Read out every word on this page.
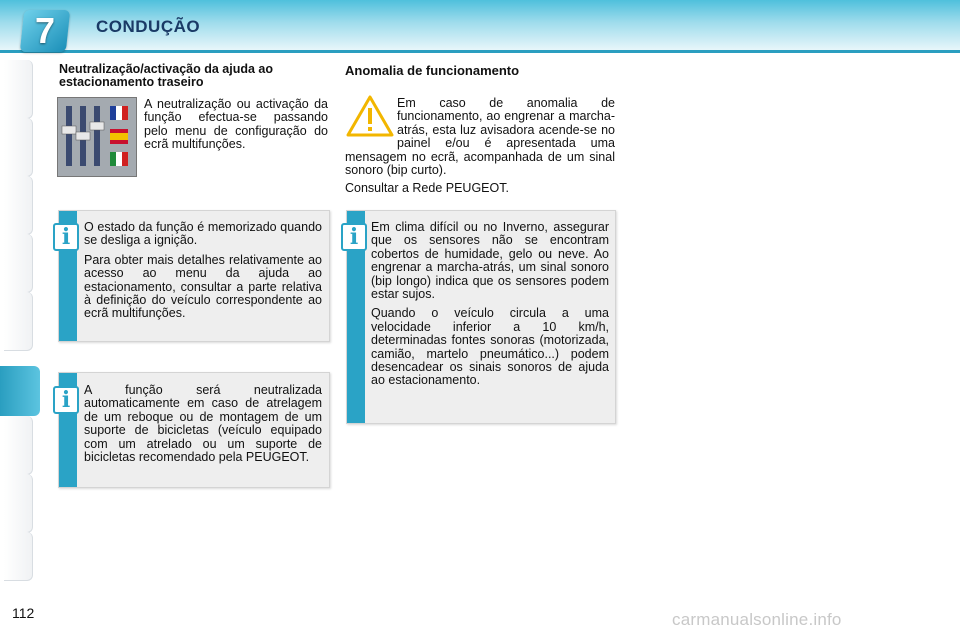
7	CONDUÇÃO
Neutralização/activação da ajuda ao estacionamento traseiro

A neutralização ou activação da função efectua-se passando pelo menu de configuração do ecrã multifunções.

i	O estado da função é memorizado quando se desliga a ignição.

Para obter mais detalhes relativamente ao acesso ao menu da ajuda ao estacionamento, consultar a parte relativa à definição do veículo correspondente ao ecrã multifunções.

i	A função será neutralizada automaticamente em caso de atrelagem de um reboque ou de montagem de um suporte de bicicletas (veículo equipado com um atrelado ou um suporte de bicicletas recomendado pela PEUGEOT.

Anomalia de funcionamento

Em caso de anomalia de funcionamento, ao engrenar a marcha-atrás, esta luz avisadora acende-se no painel e/ou é apresentada uma mensagem no ecrã, acompanhada de um sinal sonoro (bip curto).

Consultar a Rede PEUGEOT.

i	Em clima difícil ou no Inverno, assegurar que os sensores não se encontram cobertos de humidade, gelo ou neve. Ao engrenar a marcha-atrás, um sinal sonoro (bip longo) indica que os sensores podem estar sujos.

Quando o veículo circula a uma velocidade inferior a 10 km/h, determinadas fontes sonoras (motorizada, camião, martelo pneumático...) podem desencadear os sinais sonoros de ajuda ao estacionamento.

112	carmanualsonline.info
